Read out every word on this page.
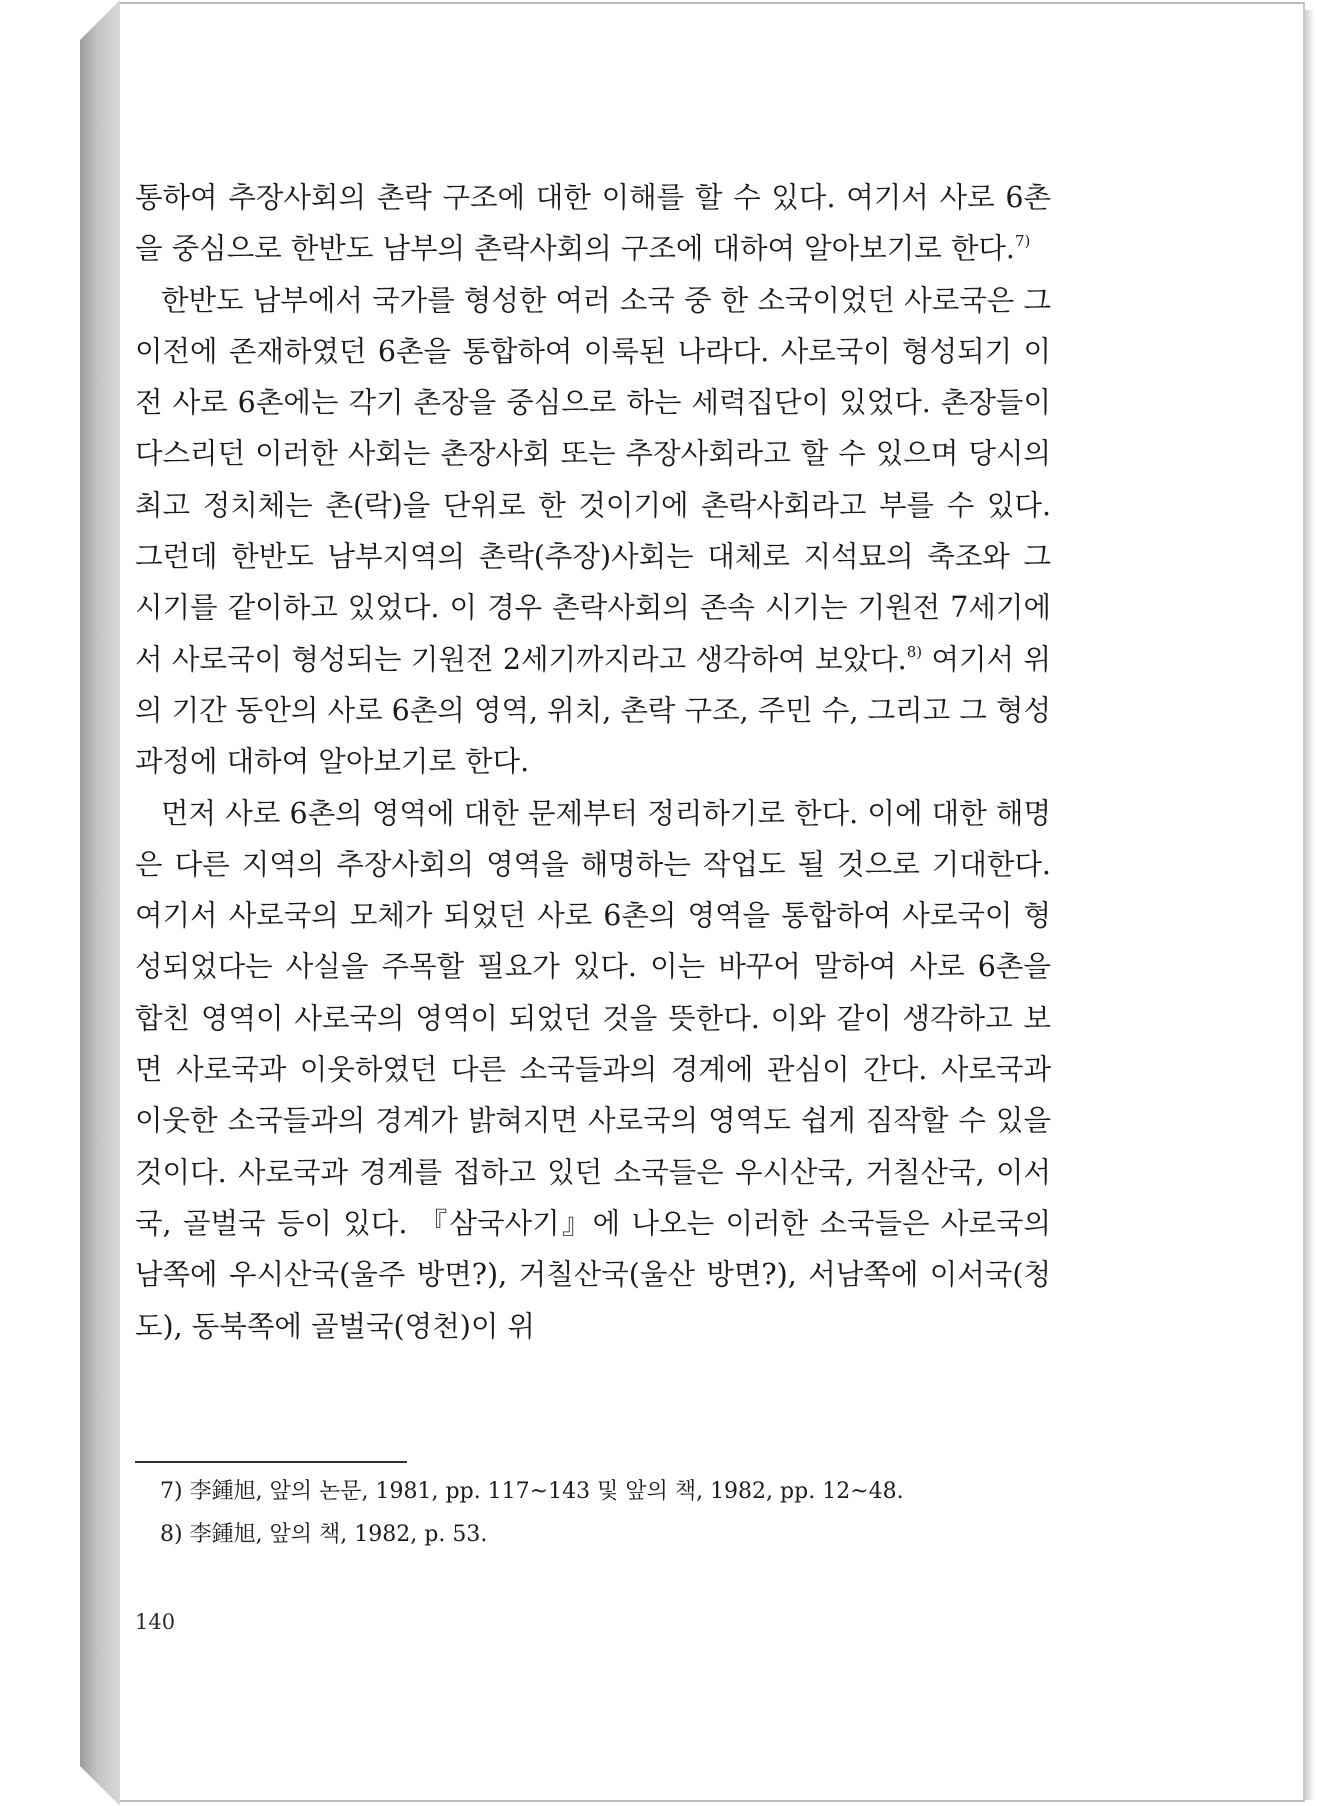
통하여 추장사회의 촌락 구조에 대한 이해를 할 수 있다. 여기서 사로 6촌을 중심으로 한반도 남부의 촌락사회의 구조에 대하여 알아보기로 한다.$^{7)}$

한반도 남부에서 국가를 형성한 여러 소국 중 한 소국이었던 사로국은 그 이전에 존재하였던 6촌을 통합하여 이룩된 나라다. 사로국이 형성되기 이전 사로 6촌에는 각기 촌장을 중심으로 하는 세력집단이 있었다. 촌장들이 다스리던 이러한 사회는 촌장사회 또는 추장사회라고 할 수 있으며 당시의 최고 정치체는 촌(락)을 단위로 한 것이기에 촌락사회라고 부를 수 있다. 그런데 한반도 남부지역의 촌락(추장)사회는 대체로 지석묘의 축조와 그 시기를 같이하고 있었다. 이 경우 촌락사회의 존속 시기는 기원전 7세기에서 사로국이 형성되는 기원전 2세기까지라고 생각하여 보았다.$^{8)}$ 여기서 위의 기간 동안의 사로 6촌의 영역, 위치, 촌락 구조, 주민 수, 그리고 그 형성 과정에 대하여 알아보기로 한다.

먼저 사로 6촌의 영역에 대한 문제부터 정리하기로 한다. 이에 대한 해명은 다른 지역의 추장사회의 영역을 해명하는 작업도 될 것으로 기대한다. 여기서 사로국의 모체가 되었던 사로 6촌의 영역을 통합하여 사로국이 형성되었다는 사실을 주목할 필요가 있다. 이는 바꾸어 말하여 사로 6촌을 합친 영역이 사로국의 영역이 되었던 것을 뜻한다. 이와 같이 생각하고 보면 사로국과 이웃하였던 다른 소국들과의 경계에 관심이 간다. 사로국과 이웃한 소국들과의 경계가 밝혀지면 사로국의 영역도 쉽게 짐작할 수 있을 것이다. 사로국과 경계를 접하고 있던 소국들은 우시산국, 거칠산국, 이서국, 골벌국 등이 있다. 『삼국사기』에 나오는 이러한 소국들은 사로국의 남쪽에 우시산국(울주 방면?), 거칠산국(울산 방면?), 서남쪽에 이서국(청도), 동북쪽에 골벌국(영천)이 위

7) 李鍾旭, 앞의 논문, 1981, pp. 117~143 및 앞의 책, 1982, pp. 12~48.

8) 李鍾旭, 앞의 책, 1982, p. 53.

140
